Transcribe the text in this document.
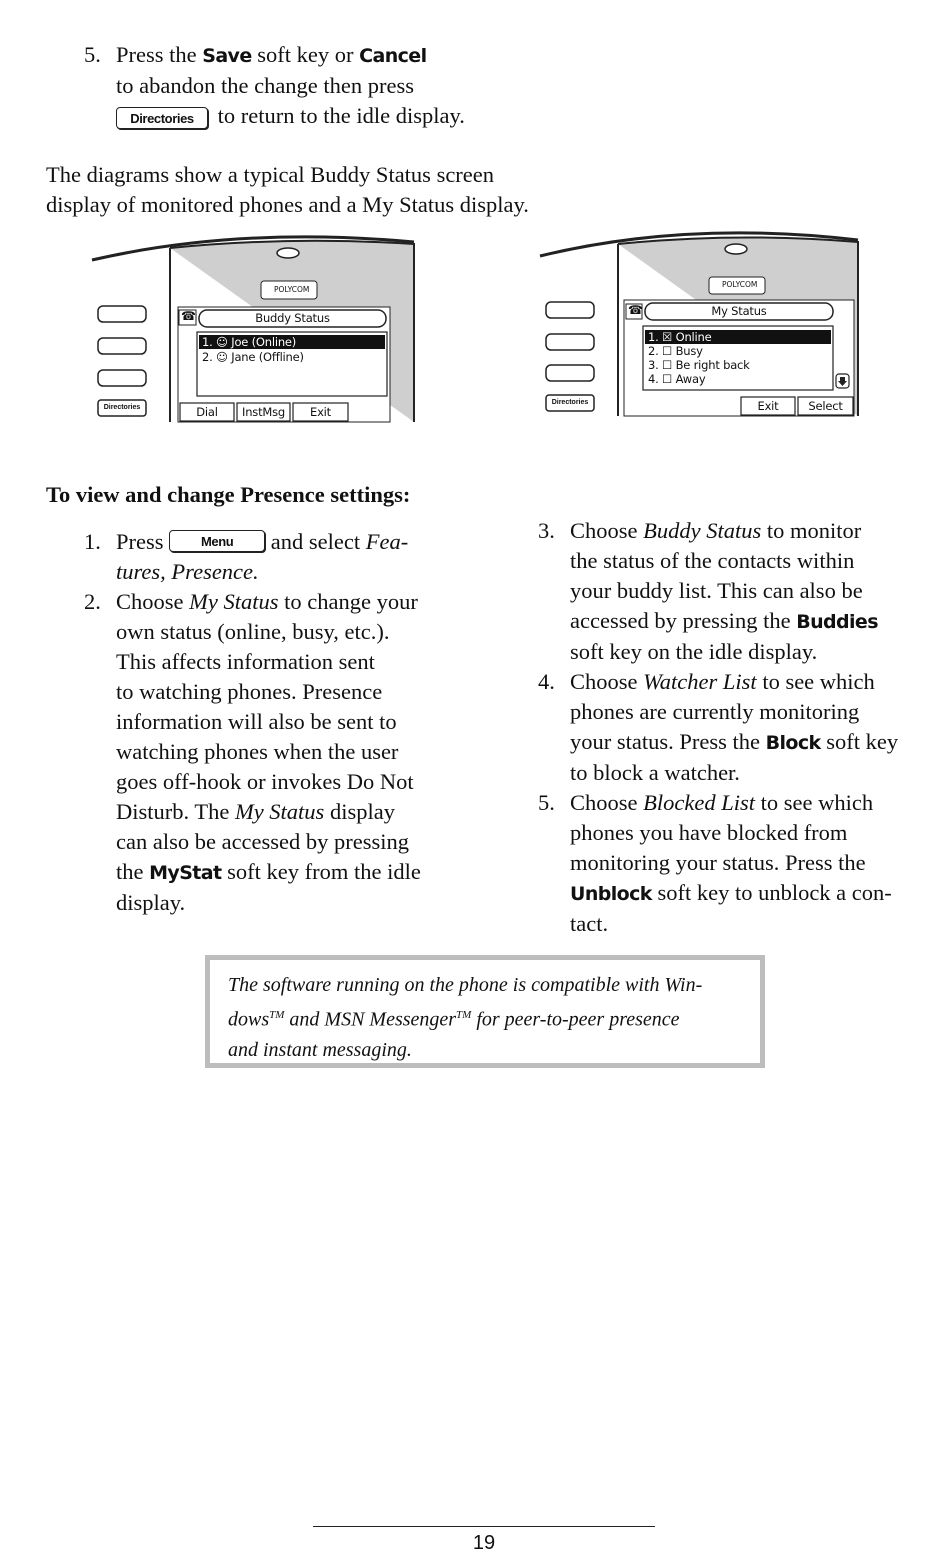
5. Press the Save soft key or Cancel
to abandon the change then press
Directories to return to the idle display.
The diagrams show a typical Buddy Status screen
display of monitored phones and a My Status display.
POLYCOM
☎	Buddy Status
1. ☺ Joe (Online)
2. ☺ Jane (Offline)
Dial	InstMsg	Exit
Directories
POLYCOM
☎	My Status
1. ☒ Online
2. ☐ Busy
3. ☐ Be right back
4. ☐ Away
Exit	Select
Directories
To view and change Presence settings:
1. Press Menu and select Fea-
tures, Presence.
2. Choose My Status to change your
own status (online, busy, etc.).
This affects information sent
to watching phones. Presence
information will also be sent to
watching phones when the user
goes off-hook or invokes Do Not
Disturb. The My Status display
can also be accessed by pressing
the MyStat soft key from the idle
display.
3. Choose Buddy Status to monitor
the status of the contacts within
your buddy list. This can also be
accessed by pressing the Buddies
soft key on the idle display.
4. Choose Watcher List to see which
phones are currently monitoring
your status. Press the Block soft key
to block a watcher.
5. Choose Blocked List to see which
phones you have blocked from
monitoring your status. Press the
Unblock soft key to unblock a con-
tact.
The software running on the phone is compatible with Win-
dows™ and MSN Messenger™ for peer-to-peer presence
and instant messaging.
19
